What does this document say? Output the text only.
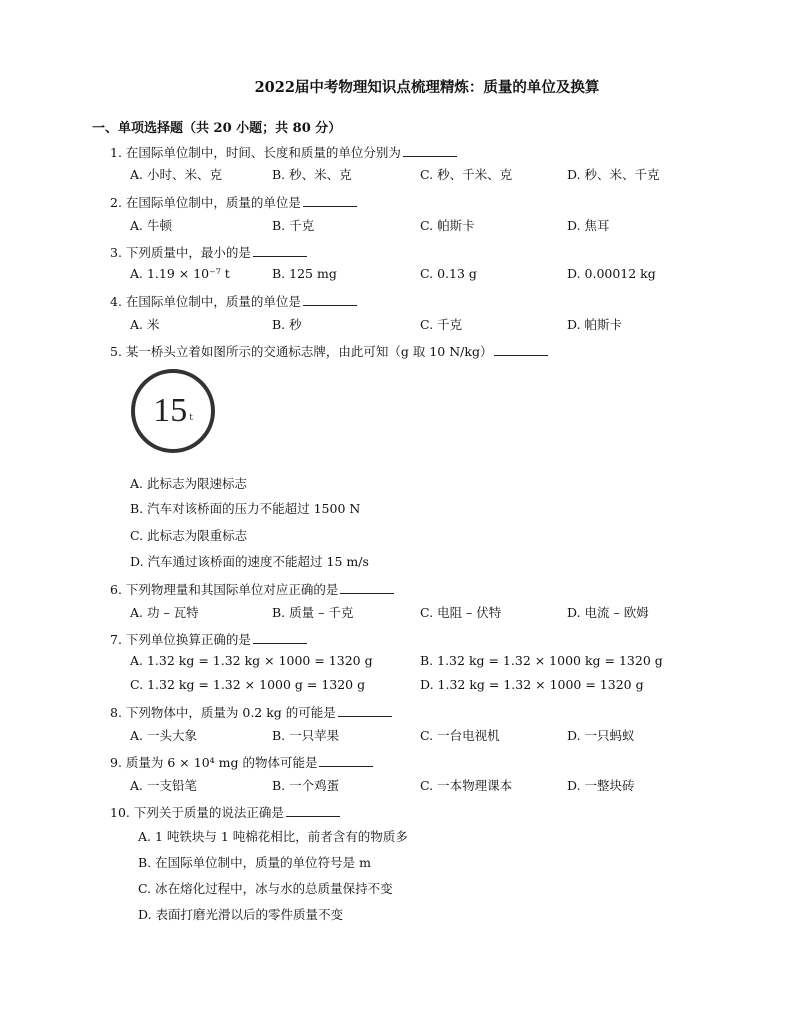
2022届中考物理知识点梳理精炼：质量的单位及换算
一、单项选择题（共 20 小题；共 80 分）
1. 在国际单位制中，时间、长度和质量的单位分别为
A. 小时、米、克	B. 秒、米、克	C. 秒、千米、克	D. 秒、米、千克
2. 在国际单位制中，质量的单位是
A. 牛顿	B. 千克	C. 帕斯卡	D. 焦耳
3. 下列质量中，最小的是
A. 1.19 × 10⁻⁷ t	B. 125 mg	C. 0.13 g	D. 0.00012 kg
4. 在国际单位制中，质量的单位是
A. 米	B. 秒	C. 千克	D. 帕斯卡
5. 某一桥头立着如图所示的交通标志牌，由此可知（g 取 10 N/kg）
15 t
A. 此标志为限速标志
B. 汽车对该桥面的压力不能超过 1500 N
C. 此标志为限重标志
D. 汽车通过该桥面的速度不能超过 15 m/s
6. 下列物理量和其国际单位对应正确的是
A. 功 – 瓦特	B. 质量 – 千克	C. 电阻 – 伏特	D. 电流 – 欧姆
7. 下列单位换算正确的是
A. 1.32 kg = 1.32 kg × 1000 = 1320 g	B. 1.32 kg = 1.32 × 1000 kg = 1320 g
C. 1.32 kg = 1.32 × 1000 g = 1320 g	D. 1.32 kg = 1.32 × 1000 = 1320 g
8. 下列物体中，质量为 0.2 kg 的可能是
A. 一头大象	B. 一只苹果	C. 一台电视机	D. 一只蚂蚁
9. 质量为 6 × 10⁴ mg 的物体可能是
A. 一支铅笔	B. 一个鸡蛋	C. 一本物理课本	D. 一整块砖
10. 下列关于质量的说法正确是
A. 1 吨铁块与 1 吨棉花相比，前者含有的物质多
B. 在国际单位制中，质量的单位符号是 m
C. 冰在熔化过程中，冰与水的总质量保持不变
D. 表面打磨光滑以后的零件质量不变
